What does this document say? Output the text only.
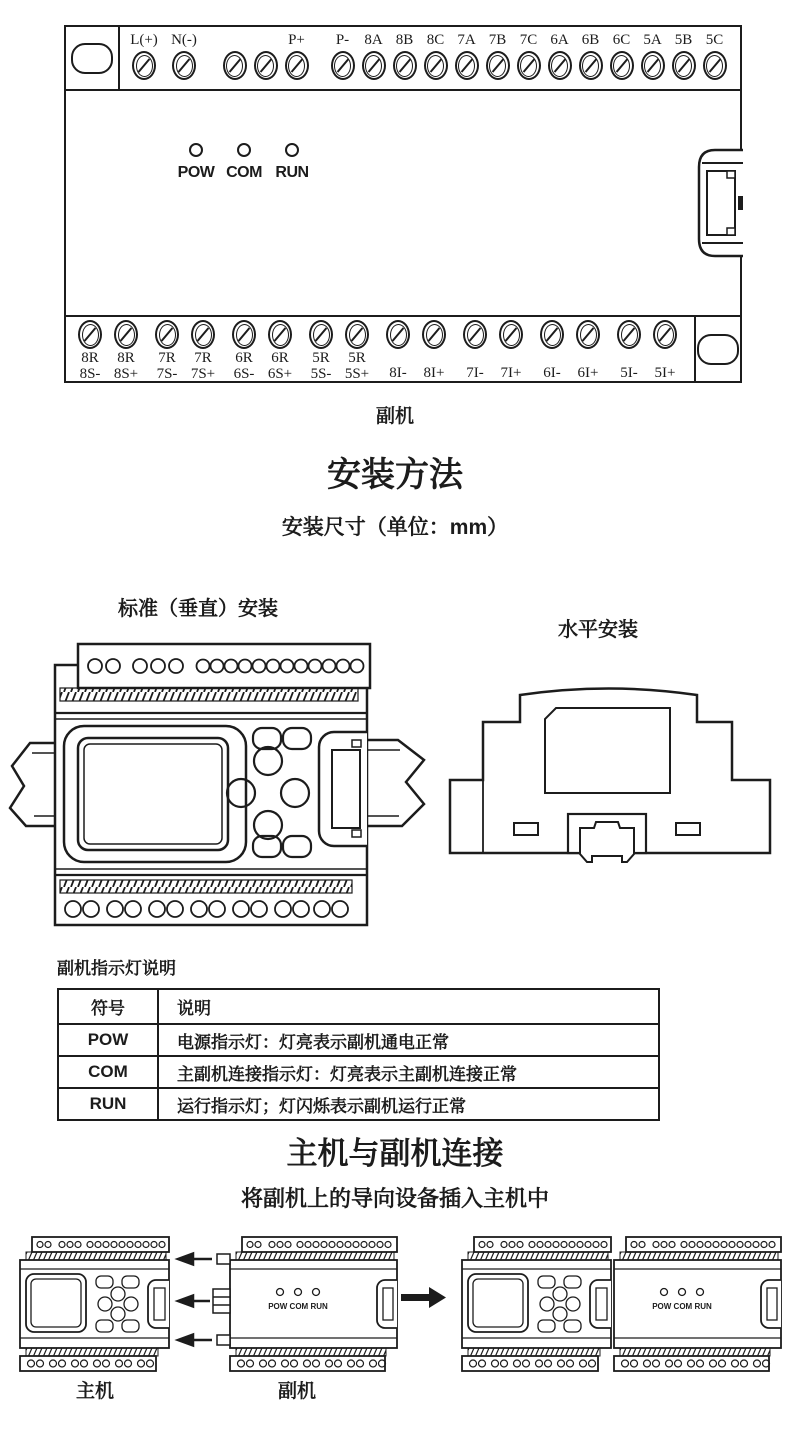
L(+) N(-)	P+ P- 8A 8B 8C 7A 7B 7C 6A 6B 6C 5A 5B 5C
POW COM RUN
8R
8S-
8R
8S+
7R
7S-
7R
7S+
6R
6S-
6R
6S+
5R
5S-
5R
5S+ 8I- 8I+ 7I- 7I+ 6I- 6I+ 5I- 5I+
副机
安装方法
安装尺寸（单位：mm）
标准（垂直）安装
水平安装
副机指示灯说明
符号	说明
POW	电源指示灯：灯亮表示副机通电正常
COM	主副机连接指示灯：灯亮表示主副机连接正常
RUN	运行指示灯；灯闪烁表示副机运行正常
主机与副机连接
将副机上的导向设备插入主机中
主机	副机
